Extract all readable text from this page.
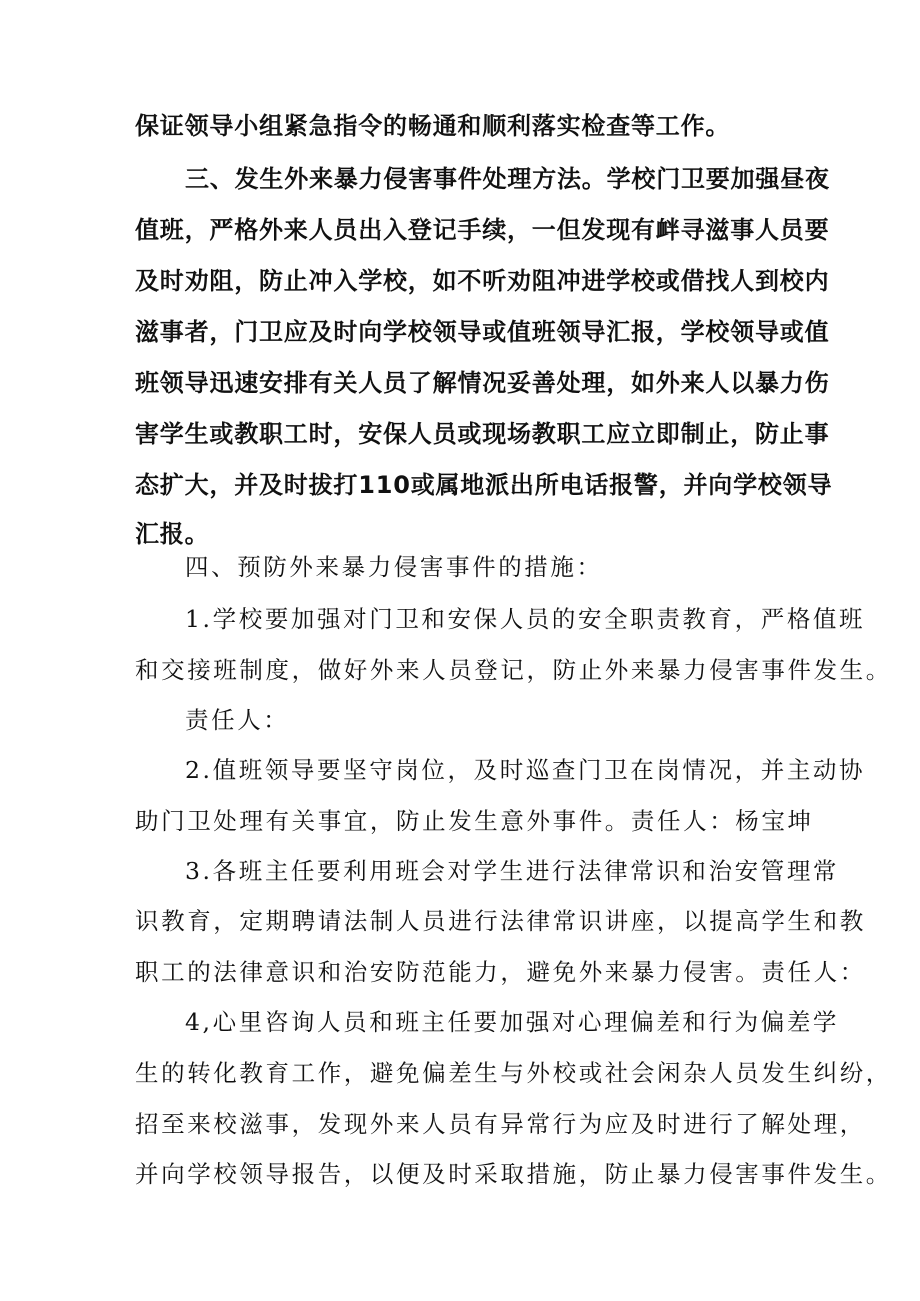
保证领导小组紧急指令的畅通和顺利落实检查等工作。
三、发生外来暴力侵害事件处理方法。学校门卫要加强昼夜
值班，严格外来人员出入登记手续，一但发现有衅寻滋事人员要
及时劝阻，防止冲入学校，如不听劝阻冲进学校或借找人到校内
滋事者，门卫应及时向学校领导或值班领导汇报，学校领导或值
班领导迅速安排有关人员了解情况妥善处理，如外来人以暴力伤
害学生或教职工时，安保人员或现场教职工应立即制止，防止事
态扩大，并及时拔打110或属地派出所电话报警，并向学校领导
汇报。
四、预防外来暴力侵害事件的措施：
1.学校要加强对门卫和安保人员的安全职责教育，严格值班
和交接班制度，做好外来人员登记，防止外来暴力侵害事件发生。
责任人：
2.值班领导要坚守岗位，及时巡查门卫在岗情况，并主动协
助门卫处理有关事宜，防止发生意外事件。责任人：杨宝坤
3.各班主任要利用班会对学生进行法律常识和治安管理常
识教育，定期聘请法制人员进行法律常识讲座，以提高学生和教
职工的法律意识和治安防范能力，避免外来暴力侵害。责任人：
4,心里咨询人员和班主任要加强对心理偏差和行为偏差学
生的转化教育工作，避免偏差生与外校或社会闲杂人员发生纠纷，
招至来校滋事，发现外来人员有异常行为应及时进行了解处理，
并向学校领导报告，以便及时采取措施，防止暴力侵害事件发生。
